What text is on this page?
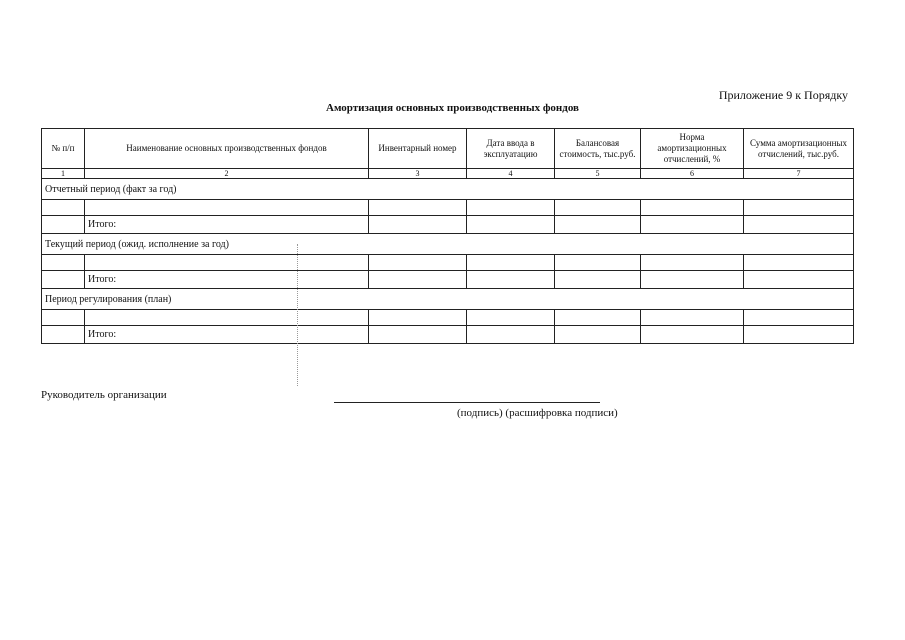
Приложение 9 к Порядку
Амортизация основных производственных фондов
№ п/п	Наименование основных производственных фондов	Инвентарный номер	Дата ввода в эксплуатацию	Балансовая стоимость, тыс.руб.	Норма амортизационных отчислений, %	Сумма амортизационных отчислений, тыс.руб.
1	2	3	4	5	6	7
Отчетный период (факт за год)						

	Итого:					
Текущий период (ожид. исполнение за год)						

	Итого:					
Период регулирования (план)						

	Итого:					
Руководитель организации
(подпись) (расшифровка подписи)
